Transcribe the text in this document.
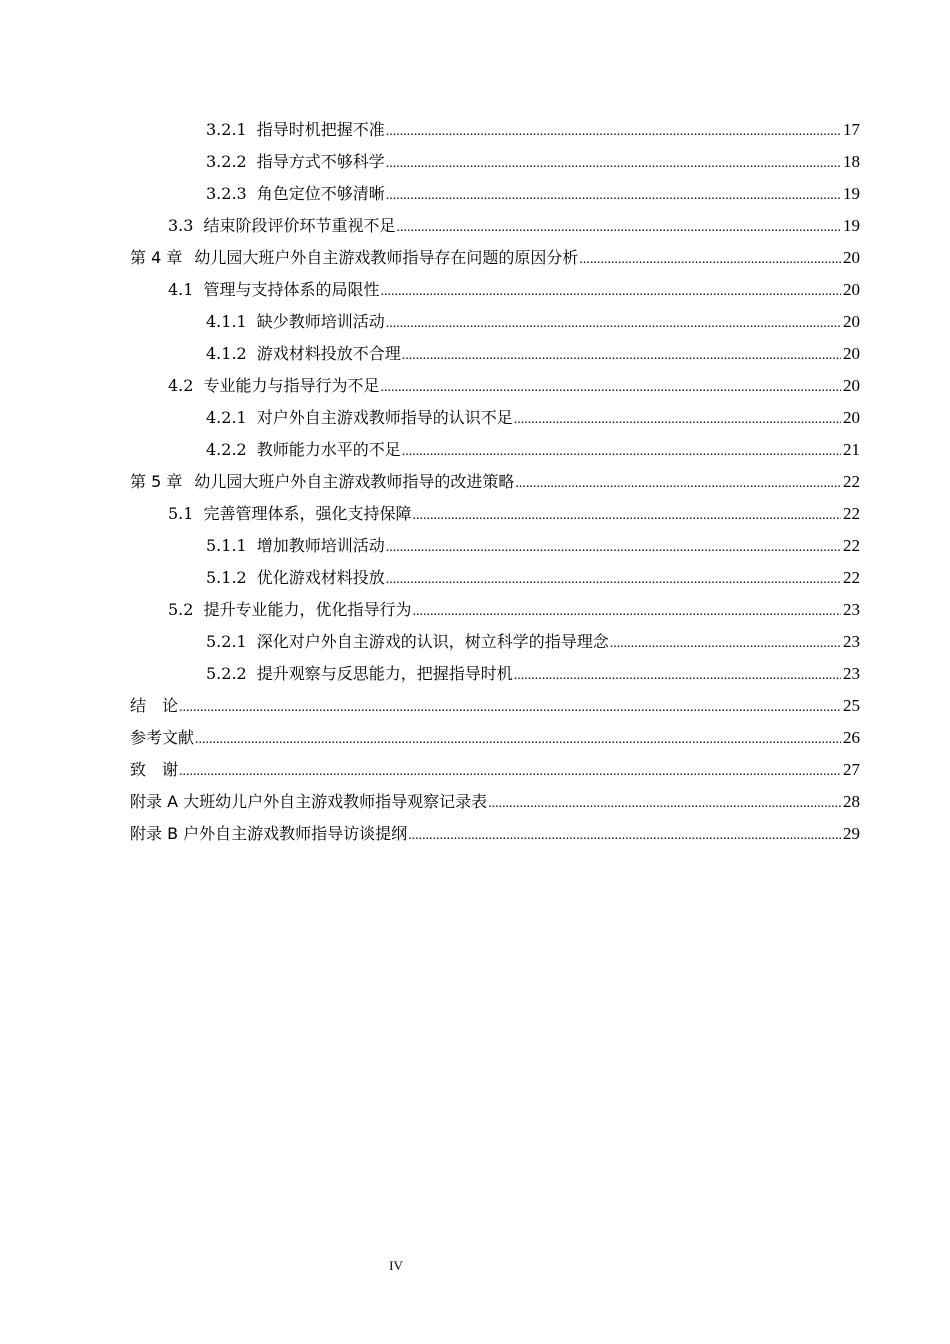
3.2.1 指导时机把握不准 .....	17
3.2.2 指导方式不够科学 .....	18
3.2.3 角色定位不够清晰 .....	19
3.3 结束阶段评价环节重视不足 .....	19
第 4 章 幼儿园大班户外自主游戏教师指导存在问题的原因分析 .....	20
4.1 管理与支持体系的局限性 .....	20
4.1.1 缺少教师培训活动 .....	20
4.1.2 游戏材料投放不合理 .....	20
4.2 专业能力与指导行为不足 .....	20
4.2.1 对户外自主游戏教师指导的认识不足 .....	20
4.2.2 教师能力水平的不足 .....	21
第 5 章 幼儿园大班户外自主游戏教师指导的改进策略 .....	22
5.1 完善管理体系，强化支持保障 .....	22
5.1.1 增加教师培训活动 .....	22
5.1.2 优化游戏材料投放 .....	22
5.2 提升专业能力，优化指导行为 .....	23
5.2.1 深化对户外自主游戏的认识，树立科学的指导理念 .....	23
5.2.2 提升观察与反思能力，把握指导时机 .....	23
结　论 .....	25
参考文献 .....	26
致　谢 .....	27
附录 A 大班幼儿户外自主游戏教师指导观察记录表 .....	28
附录 B 户外自主游戏教师指导访谈提纲 .....	29
IV
